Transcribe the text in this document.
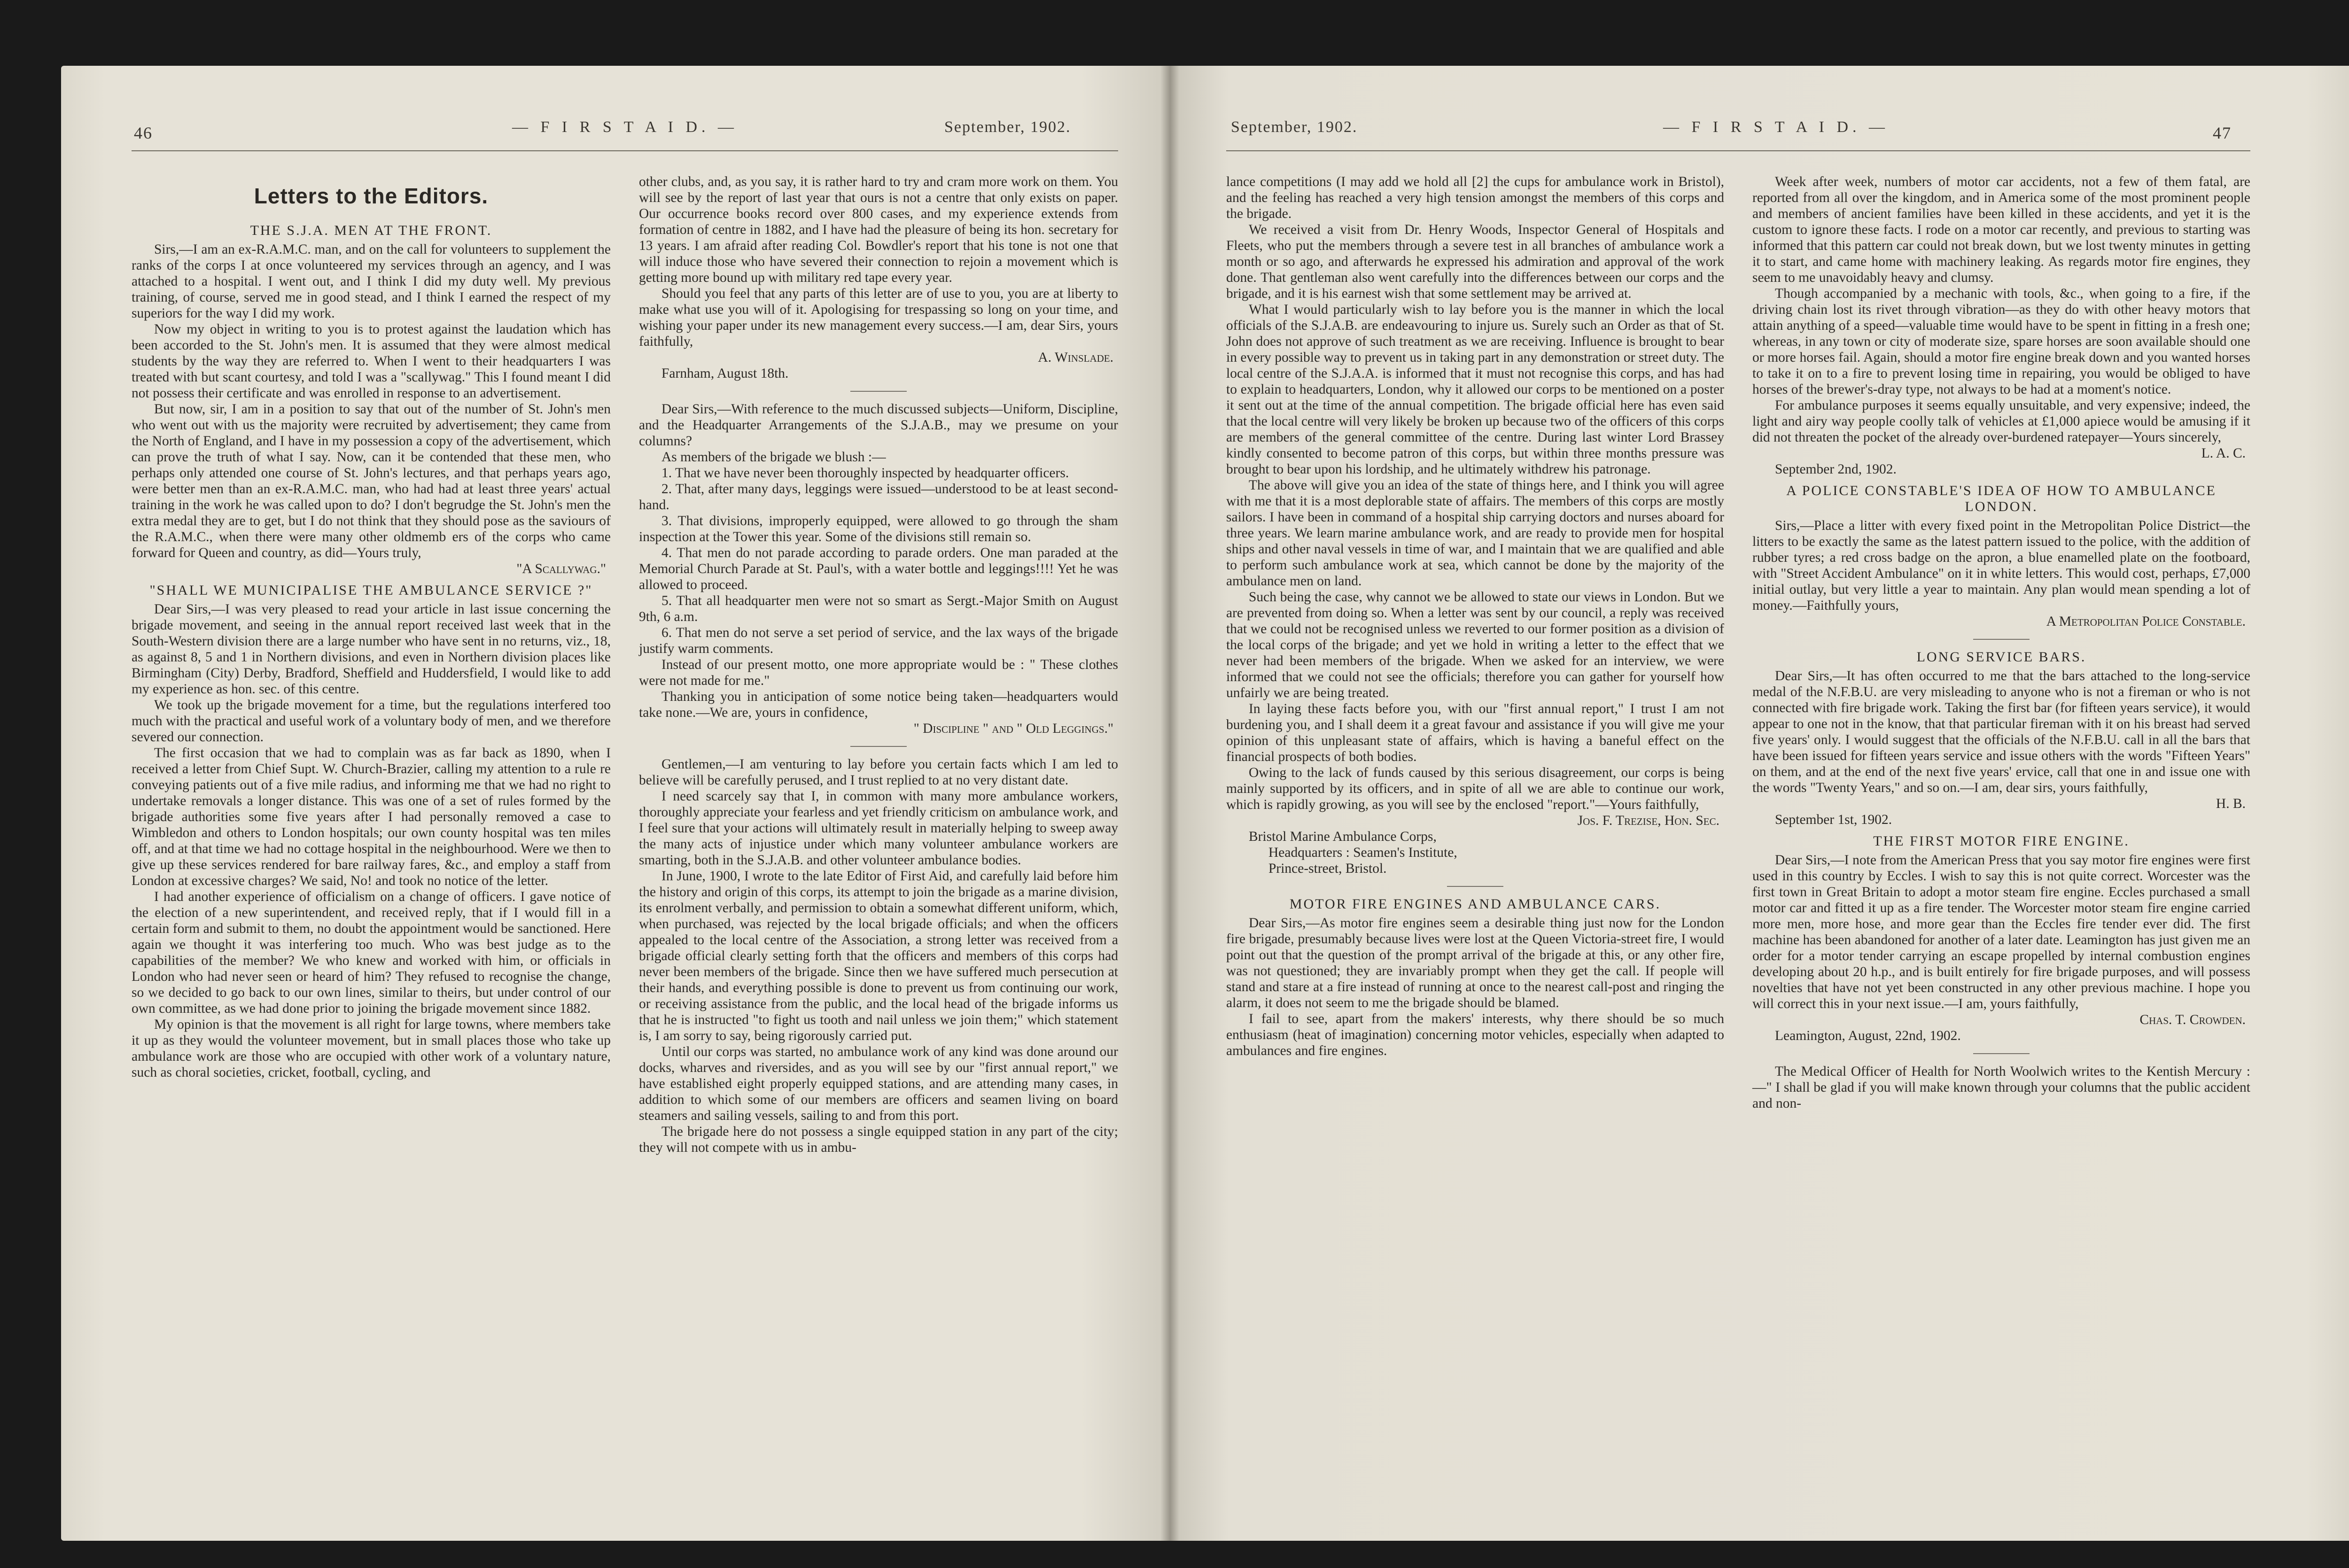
46	— F I R S T A I D. —	September, 1902.
Letters to the Editors.
THE S.J.A. MEN AT THE FRONT.

Sirs,—I am an ex-R.A.M.C. man, and on the call for volunteers to supplement the ranks of the corps I at once volunteered my services through an agency, and I was attached to a hospital. I went out, and I think I did my duty well. My previous training, of course, served me in good stead, and I think I earned the respect of my superiors for the way I did my work.

Now my object in writing to you is to protest against the laudation which has been accorded to the St. John's men. It is assumed that they were almost medical students by the way they are referred to. When I went to their headquarters I was treated with but scant courtesy, and told I was a "scallywag." This I found meant I did not possess their certificate and was enrolled in response to an advertisement.

But now, sir, I am in a position to say that out of the number of St. John's men who went out with us the majority were recruited by advertisement; they came from the North of England, and I have in my possession a copy of the advertisement, which can prove the truth of what I say. Now, can it be contended that these men, who perhaps only attended one course of St. John's lectures, and that perhaps years ago, were better men than an ex-R.A.M.C. man, who had had at least three years' actual training in the work he was called upon to do? I don't begrudge the St. John's men the extra medal they are to get, but I do not think that they should pose as the saviours of the R.A.M.C., when there were many other oldmemb ers of the corps who came forward for Queen and country, as did—Yours truly,

"A Scallywag."

"SHALL WE MUNICIPALISE THE AMBULANCE SERVICE ?"

Dear Sirs,—I was very pleased to read your article in last issue concerning the brigade movement, and seeing in the annual report received last week that in the South-Western division there are a large number who have sent in no returns, viz., 18, as against 8, 5 and 1 in Northern divisions, and even in Northern division places like Birmingham (City) Derby, Bradford, Sheffield and Huddersfield, I would like to add my experience as hon. sec. of this centre.

We took up the brigade movement for a time, but the regulations interfered too much with the practical and useful work of a voluntary body of men, and we therefore severed our connection.

The first occasion that we had to complain was as far back as 1890, when I received a letter from Chief Supt. W. Church-Brazier, calling my attention to a rule re conveying patients out of a five mile radius, and informing me that we had no right to undertake removals a longer distance. This was one of a set of rules formed by the brigade authorities some five years after I had personally removed a case to Wimbledon and others to London hospitals; our own county hospital was ten miles off, and at that time we had no cottage hospital in the neighbourhood. Were we then to give up these services rendered for bare railway fares, &c., and employ a staff from London at excessive charges? We said, No! and took no notice of the letter.

I had another experience of officialism on a change of officers. I gave notice of the election of a new superintendent, and received reply, that if I would fill in a certain form and submit to them, no doubt the appointment would be sanctioned. Here again we thought it was interfering too much. Who was best judge as to the capabilities of the member? We who knew and worked with him, or officials in London who had never seen or heard of him? They refused to recognise the change, so we decided to go back to our own lines, similar to theirs, but under control of our own committee, as we had done prior to joining the brigade movement since 1882.

My opinion is that the movement is all right for large towns, where members take it up as they would the volunteer movement, but in small places those who take up ambulance work are those who are occupied with other work of a voluntary nature, such as choral societies, cricket, football, cycling, and

other clubs, and, as you say, it is rather hard to try and cram more work on them. You will see by the report of last year that ours is not a centre that only exists on paper. Our occurrence books record over 800 cases, and my experience extends from formation of centre in 1882, and I have had the pleasure of being its hon. secretary for 13 years. I am afraid after reading Col. Bowdler's report that his tone is not one that will induce those who have severed their connection to rejoin a movement which is getting more bound up with military red tape every year.

Should you feel that any parts of this letter are of use to you, you are at liberty to make what use you will of it. Apologising for trespassing so long on your time, and wishing your paper under its new management every success.—I am, dear Sirs, yours faithfully,

A. Winslade.

Farnham, August 18th.

Dear Sirs,—With reference to the much discussed subjects—Uniform, Discipline, and the Headquarter Arrangements of the S.J.A.B., may we presume on your columns?

As members of the brigade we blush :—

1. That we have never been thoroughly inspected by headquarter officers.

2. That, after many days, leggings were issued—understood to be at least second-hand.

3. That divisions, improperly equipped, were allowed to go through the sham inspection at the Tower this year. Some of the divisions still remain so.

4. That men do not parade according to parade orders. One man paraded at the Memorial Church Parade at St. Paul's, with a water bottle and leggings!!!! Yet he was allowed to proceed.

5. That all headquarter men were not so smart as Sergt.-Major Smith on August 9th, 6 a.m.

6. That men do not serve a set period of service, and the lax ways of the brigade justify warm comments.

Instead of our present motto, one more appropriate would be : " These clothes were not made for me."

Thanking you in anticipation of some notice being taken—headquarters would take none.—We are, yours in confidence,

" Discipline " and " Old Leggings."

Gentlemen,—I am venturing to lay before you certain facts which I am led to believe will be carefully perused, and I trust replied to at no very distant date.

I need scarcely say that I, in common with many more ambulance workers, thoroughly appreciate your fearless and yet friendly criticism on ambulance work, and I feel sure that your actions will ultimately result in materially helping to sweep away the many acts of injustice under which many volunteer ambulance workers are smarting, both in the S.J.A.B. and other volunteer ambulance bodies.

In June, 1900, I wrote to the late Editor of First Aid, and carefully laid before him the history and origin of this corps, its attempt to join the brigade as a marine division, its enrolment verbally, and permission to obtain a somewhat different uniform, which, when purchased, was rejected by the local brigade officials; and when the officers appealed to the local centre of the Association, a strong letter was received from a brigade official clearly setting forth that the officers and members of this corps had never been members of the brigade. Since then we have suffered much persecution at their hands, and everything possible is done to prevent us from continuing our work, or receiving assistance from the public, and the local head of the brigade informs us that he is instructed "to fight us tooth and nail unless we join them;" which statement is, I am sorry to say, being rigorously carried put.

Until our corps was started, no ambulance work of any kind was done around our docks, wharves and riversides, and as you will see by our "first annual report," we have established eight properly equipped stations, and are attending many cases, in addition to which some of our members are officers and seamen living on board steamers and sailing vessels, sailing to and from this port.

The brigade here do not possess a single equipped station in any part of the city; they will not compete with us in ambu-

September, 1902.	— F I R S T A I D. —	47

lance competitions (I may add we hold all [2] the cups for ambulance work in Bristol), and the feeling has reached a very high tension amongst the members of this corps and the brigade.

We received a visit from Dr. Henry Woods, Inspector General of Hospitals and Fleets, who put the members through a severe test in all branches of ambulance work a month or so ago, and afterwards he expressed his admiration and approval of the work done. That gentleman also went carefully into the differences between our corps and the brigade, and it is his earnest wish that some settlement may be arrived at.

What I would particularly wish to lay before you is the manner in which the local officials of the S.J.A.B. are endeavouring to injure us. Surely such an Order as that of St. John does not approve of such treatment as we are receiving. Influence is brought to bear in every possible way to prevent us in taking part in any demonstration or street duty. The local centre of the S.J.A.A. is informed that it must not recognise this corps, and has had to explain to headquarters, London, why it allowed our corps to be mentioned on a poster it sent out at the time of the annual competition. The brigade official here has even said that the local centre will very likely be broken up because two of the officers of this corps are members of the general committee of the centre. During last winter Lord Brassey kindly consented to become patron of this corps, but within three months pressure was brought to bear upon his lordship, and he ultimately withdrew his patronage.

The above will give you an idea of the state of things here, and I think you will agree with me that it is a most deplorable state of affairs. The members of this corps are mostly sailors. I have been in command of a hospital ship carrying doctors and nurses aboard for three years. We learn marine ambulance work, and are ready to provide men for hospital ships and other naval vessels in time of war, and I maintain that we are qualified and able to perform such ambulance work at sea, which cannot be done by the majority of the ambulance men on land.

Such being the case, why cannot we be allowed to state our views in London. But we are prevented from doing so. When a letter was sent by our council, a reply was received that we could not be recognised unless we reverted to our former position as a division of the local corps of the brigade; and yet we hold in writing a letter to the effect that we never had been members of the brigade. When we asked for an interview, we were informed that we could not see the officials; therefore you can gather for yourself how unfairly we are being treated.

In laying these facts before you, with our "first annual report," I trust I am not burdening you, and I shall deem it a great favour and assistance if you will give me your opinion of this unpleasant state of affairs, which is having a baneful effect on the financial prospects of both bodies.

Owing to the lack of funds caused by this serious disagreement, our corps is being mainly supported by its officers, and in spite of all we are able to continue our work, which is rapidly growing, as you will see by the enclosed "report."—Yours faithfully,

Jos. F. Trezise, Hon. Sec.

Bristol Marine Ambulance Corps,

Headquarters : Seamen's Institute,

Prince-street, Bristol.

MOTOR FIRE ENGINES AND AMBULANCE CARS.

Dear Sirs,—As motor fire engines seem a desirable thing just now for the London fire brigade, presumably because lives were lost at the Queen Victoria-street fire, I would point out that the question of the prompt arrival of the brigade at this, or any other fire, was not questioned; they are invariably prompt when they get the call. If people will stand and stare at a fire instead of running at once to the nearest call-post and ringing the alarm, it does not seem to me the brigade should be blamed.

I fail to see, apart from the makers' interests, why there should be so much enthusiasm (heat of imagination) concerning motor vehicles, especially when adapted to ambulances and fire engines.

Week after week, numbers of motor car accidents, not a few of them fatal, are reported from all over the kingdom, and in America some of the most prominent people and members of ancient families have been killed in these accidents, and yet it is the custom to ignore these facts. I rode on a motor car recently, and previous to starting was informed that this pattern car could not break down, but we lost twenty minutes in getting it to start, and came home with machinery leaking. As regards motor fire engines, they seem to me unavoidably heavy and clumsy.

Though accompanied by a mechanic with tools, &c., when going to a fire, if the driving chain lost its rivet through vibration—as they do with other heavy motors that attain anything of a speed—valuable time would have to be spent in fitting in a fresh one; whereas, in any town or city of moderate size, spare horses are soon available should one or more horses fail. Again, should a motor fire engine break down and you wanted horses to take it on to a fire to prevent losing time in repairing, you would be obliged to have horses of the brewer's-dray type, not always to be had at a moment's notice.

For ambulance purposes it seems equally unsuitable, and very expensive; indeed, the light and airy way people coolly talk of vehicles at £1,000 apiece would be amusing if it did not threaten the pocket of the already over-burdened ratepayer—Yours sincerely,

L. A. C.

September 2nd, 1902.

A POLICE CONSTABLE'S IDEA OF HOW TO AMBULANCE LONDON.

Sirs,—Place a litter with every fixed point in the Metropolitan Police District—the litters to be exactly the same as the latest pattern issued to the police, with the addition of rubber tyres; a red cross badge on the apron, a blue enamelled plate on the footboard, with "Street Accident Ambulance" on it in white letters. This would cost, perhaps, £7,000 initial outlay, but very little a year to maintain. Any plan would mean spending a lot of money.—Faithfully yours,

A Metropolitan Police Constable.

LONG SERVICE BARS.

Dear Sirs,—It has often occurred to me that the bars attached to the long-service medal of the N.F.B.U. are very misleading to anyone who is not a fireman or who is not connected with fire brigade work. Taking the first bar (for fifteen years service), it would appear to one not in the know, that that particular fireman with it on his breast had served five years' only. I would suggest that the officials of the N.F.B.U. call in all the bars that have been issued for fifteen years service and issue others with the words "Fifteen Years" on them, and at the end of the next five years' ervice, call that one in and issue one with the words "Twenty Years," and so on.—I am, dear sirs, yours faithfully,

H. B.

September 1st, 1902.

THE FIRST MOTOR FIRE ENGINE.

Dear Sirs,—I note from the American Press that you say motor fire engines were first used in this country by Eccles. I wish to say this is not quite correct. Worcester was the first town in Great Britain to adopt a motor steam fire engine. Eccles purchased a small motor car and fitted it up as a fire tender. The Worcester motor steam fire engine carried more men, more hose, and more gear than the Eccles fire tender ever did. The first machine has been abandoned for another of a later date. Leamington has just given me an order for a motor tender carrying an escape propelled by internal combustion engines developing about 20 h.p., and is built entirely for fire brigade purposes, and will possess novelties that have not yet been constructed in any other previous machine. I hope you will correct this in your next issue.—I am, yours faithfully,

Chas. T. Crowden.

Leamington, August, 22nd, 1902.

The Medical Officer of Health for North Woolwich writes to the Kentish Mercury :—" I shall be glad if you will make known through your columns that the public accident and non-
